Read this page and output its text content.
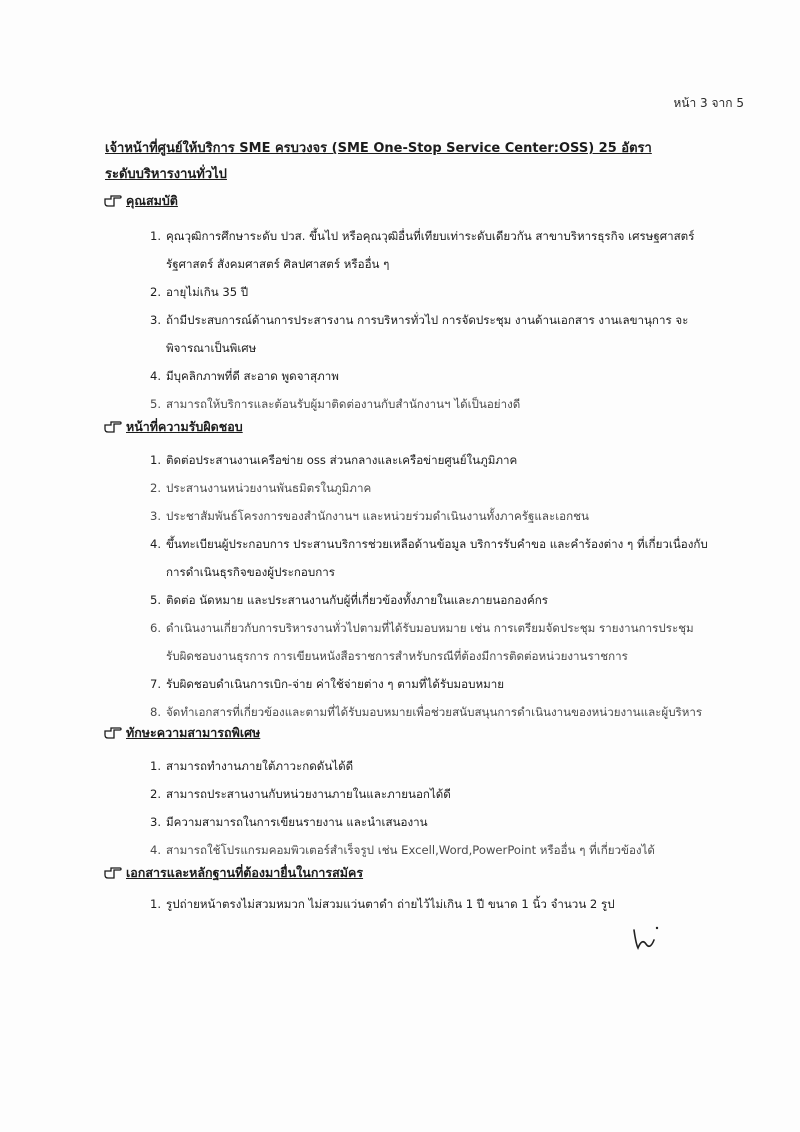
หน้า 3 จาก 5
เจ้าหน้าที่ศูนย์ให้บริการ SME ครบวงจร (SME One-Stop Service Center:OSS) 25 อัตรา
ระดับบริหารงานทั่วไป
คุณสมบัติ
1. คุณวุฒิการศึกษาระดับ ปวส. ขึ้นไป หรือคุณวุฒิอื่นที่เทียบเท่าระดับเดียวกัน สาขาบริหารธุรกิจ เศรษฐศาสตร์
รัฐศาสตร์ สังคมศาสตร์ ศิลปศาสตร์ หรืออื่น ๆ
2. อายุไม่เกิน 35 ปี
3. ถ้ามีประสบการณ์ด้านการประสารงาน การบริหารทั่วไป การจัดประชุม งานด้านเอกสาร งานเลขานุการ จะ
พิจารณาเป็นพิเศษ
4. มีบุคลิกภาพที่ดี สะอาด พูดจาสุภาพ
5. สามารถให้บริการและต้อนรับผู้มาติดต่องานกับสำนักงานฯ ได้เป็นอย่างดี
หน้าที่ความรับผิดชอบ
1. ติดต่อประสานงานเครือข่าย oss ส่วนกลางและเครือข่ายศูนย์ในภูมิภาค
2. ประสานงานหน่วยงานพันธมิตรในภูมิภาค
3. ประชาสัมพันธ์โครงการของสำนักงานฯ และหน่วยร่วมดำเนินงานทั้งภาครัฐและเอกชน
4. ขึ้นทะเบียนผู้ประกอบการ ประสานบริการช่วยเหลือด้านข้อมูล บริการรับคำขอ และคำร้องต่าง ๆ ที่เกี่ยวเนื่องกับ
การดำเนินธุรกิจของผู้ประกอบการ
5. ติดต่อ นัดหมาย และประสานงานกับผู้ที่เกี่ยวข้องทั้งภายในและภายนอกองค์กร
6. ดำเนินงานเกี่ยวกับการบริหารงานทั่วไปตามที่ได้รับมอบหมาย เช่น การเตรียมจัดประชุม รายงานการประชุม
รับผิดชอบงานธุรการ การเขียนหนังสือราชการสำหรับกรณีที่ต้องมีการติดต่อหน่วยงานราชการ
7. รับผิดชอบดำเนินการเบิก-จ่าย ค่าใช้จ่ายต่าง ๆ ตามที่ได้รับมอบหมาย
8. จัดทำเอกสารที่เกี่ยวข้องและตามที่ได้รับมอบหมายเพื่อช่วยสนับสนุนการดำเนินงานของหน่วยงานและผู้บริหาร
ทักษะความสามารถพิเศษ
1. สามารถทำงานภายใต้ภาวะกดดันได้ดี
2. สามารถประสานงานกับหน่วยงานภายในและภายนอกได้ดี
3. มีความสามารถในการเขียนรายงาน และนำเสนองาน
4. สามารถใช้โปรแกรมคอมพิวเตอร์สำเร็จรูป เช่น Excell,Word,PowerPoint หรืออื่น ๆ ที่เกี่ยวข้องได้
เอกสารและหลักฐานที่ต้องมายื่นในการสมัคร
1. รูปถ่ายหน้าตรงไม่สวมหมวก ไม่สวมแว่นตาดำ ถ่ายไว้ไม่เกิน 1 ปี ขนาด 1 นิ้ว จำนวน 2 รูป
